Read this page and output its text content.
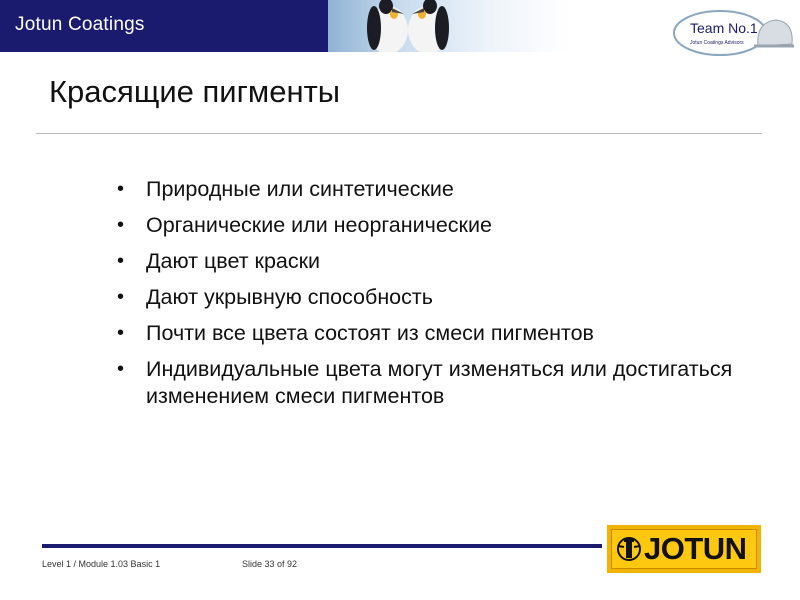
Jotun Coatings	Team No.1
Jotun Coatings Advisors
Красящие пигменты
• Природные или синтетические
• Органические или неорганические
• Дают цвет краски
• Дают укрывную способность
• Почти все цвета состоят из смеси пигментов
• Индивидуальные цвета могут изменяться или достигаться изменением смеси пигментов
Level 1 / Module 1.03 Basic 1	Slide 33 of 92	JOTUN
